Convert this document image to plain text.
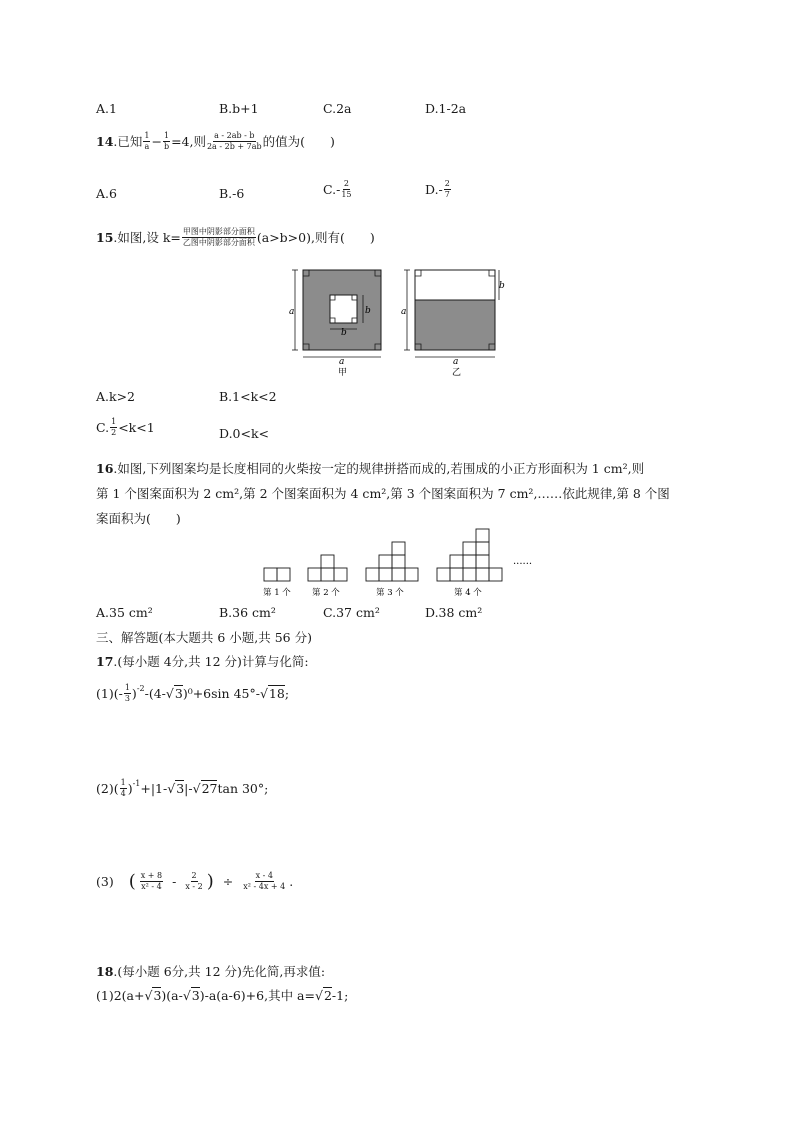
A.1	B.b+1	C.2a	D.1-2a
14 .已知 $\frac{1}{a} - \frac{1}{b} =4$,则 $\frac{a - 2ab - b}{2a - 2b + 7ab}$ 的值为(　　)
A.6	B.-6	$C.- \frac{2}{15}$	$D.- \frac{2}{7}$
15 .如图,设 $k= \frac{\text{甲图中阴影部分面积}}{\text{乙图中阴影部分面积}} (a>b>0)$,则有(　　)
a
a
b
b
甲
a
b
a
乙
A.k>2	B.1<k<2
C. $\frac{1}{2} <k<1$	D.0<k<
16.如图,下列图案均是长度相同的火柴按一定的规律拼搭而成的,若围成的小正方形面积为 1 cm²,则
第 1 个图案面积为 2 cm²,第 2 个图案面积为 4 cm²,第 3 个图案面积为 7 cm²,……依此规律,第 8 个图
案面积为(　　)
......
第 1 个 第 2 个	第 3 个	第 4 个
A.35 cm²	B.36 cm²	C.37 cm²	D.38 cm²
三、解答题(本大题共 6 小题,共 56 分)
17.(每小题 4分,共 12 分)计算与化简:
$(1)( - \frac{1}{3} )^{-2}$ -(4- √3 )⁰+6sin 45°- √18 ;
$(2)( \frac{1}{4} )^{-1} +|1-$ √3 |- √27 tan 30°;
(3) ( $\frac{x + 8}{\text{x² - 4}} - \frac{2}{x - 2}$ ) ÷ $\frac{x - 4}{\text{x² - 4x + 4}}$ .
18.(每小题 6分,共 12 分)先化简,再求值:
(1)2(a+ √3 )(a- √3 )-a(a-6)+6,其中 a= √2 -1;
